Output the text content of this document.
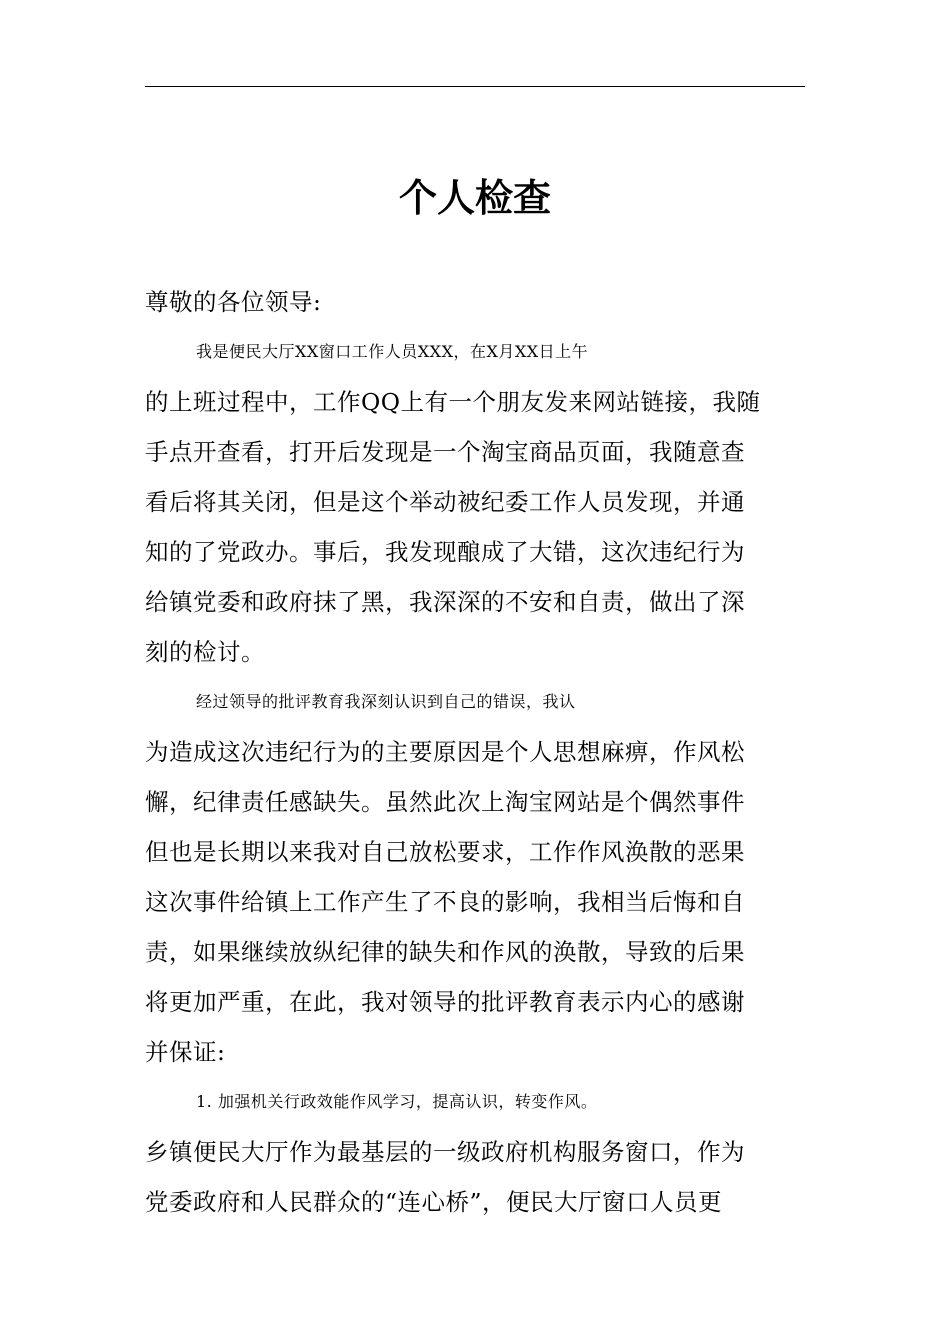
个人检查
尊敬的各位领导:
我是便民大厅XX窗口工作人员XXX，在X月XX日上午
的上班过程中，工作QQ上有一个朋友发来网站链接，我随
手点开查看，打开后发现是一个淘宝商品页面，我随意查
看后将其关闭，但是这个举动被纪委工作人员发现，并通
知的了党政办。事后，我发现酿成了大错，这次违纪行为
给镇党委和政府抹了黑，我深深的不安和自责，做出了深
刻的检讨。
经过领导的批评教育我深刻认识到自己的错误，我认
为造成这次违纪行为的主要原因是个人思想麻痹，作风松
懈，纪律责任感缺失。虽然此次上淘宝网站是个偶然事件
但也是长期以来我对自己放松要求，工作作风涣散的恶果
这次事件给镇上工作产生了不良的影响，我相当后悔和自
责，如果继续放纵纪律的缺失和作风的涣散，导致的后果
将更加严重，在此，我对领导的批评教育表示内心的感谢
并保证:
1. 加强机关行政效能作风学习，提高认识，转变作风。
乡镇便民大厅作为最基层的一级政府机构服务窗口，作为
党委政府和人民群众的“连心桥”，便民大厅窗口人员更
